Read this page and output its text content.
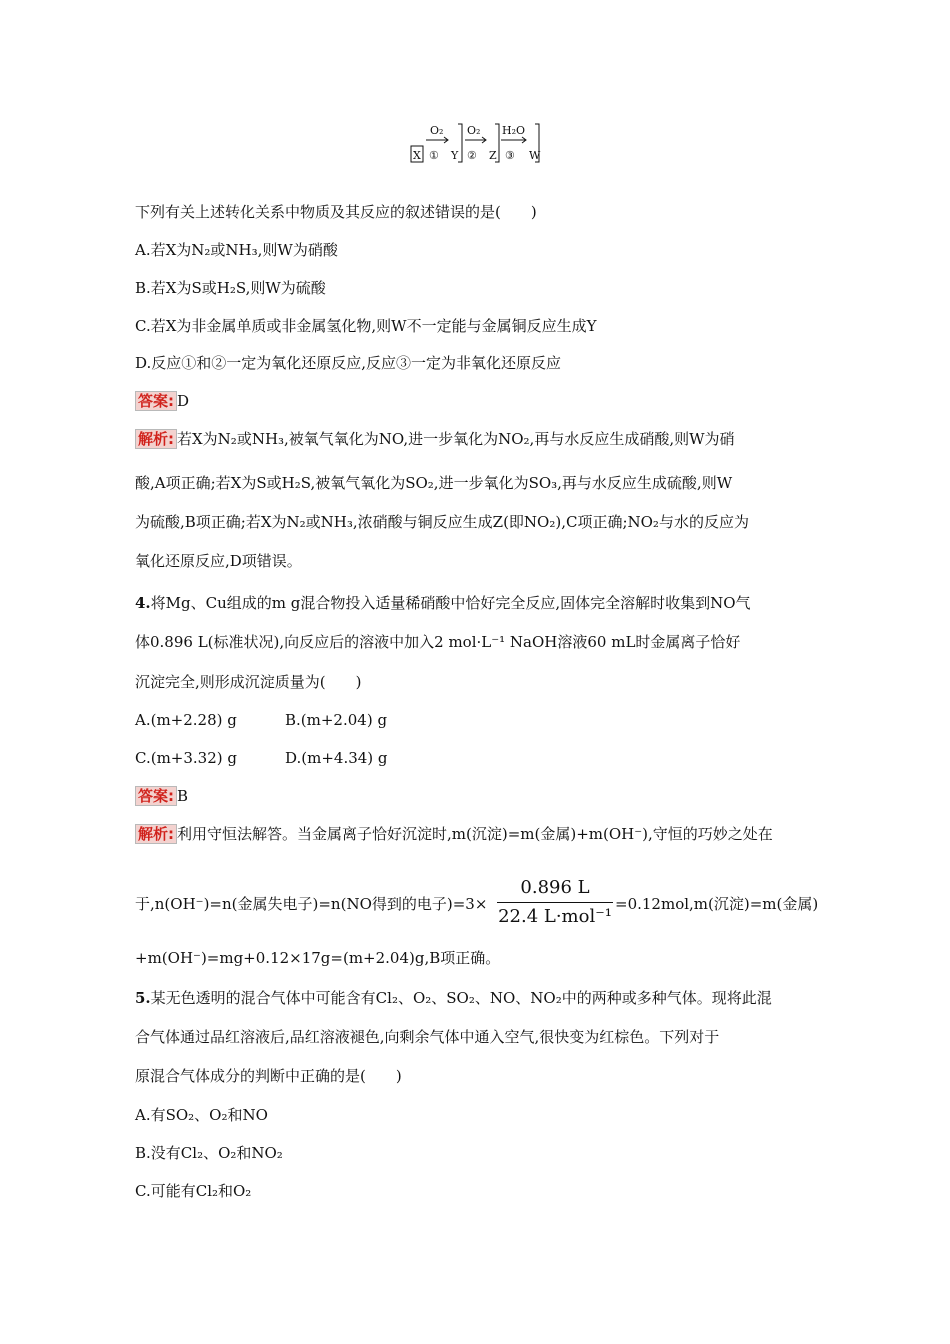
O₂ O₂ H₂O
①	②	③
X	Y	Z	W
下列有关上述转化关系中物质及其反应的叙述错误的是(　　)
A.若X为N₂或NH₃,则W为硝酸
B.若X为S或H₂S,则W为硫酸
C.若X为非金属单质或非金属氢化物,则W不一定能与金属铜反应生成Y
D.反应①和②一定为氧化还原反应,反应③一定为非氧化还原反应
答案: D
解析: 若X为N₂或NH₃,被氧气氧化为NO,进一步氧化为NO₂,再与水反应生成硝酸,则W为硝
酸,A项正确;若X为S或H₂S,被氧气氧化为SO₂,进一步氧化为SO₃,再与水反应生成硫酸,则W
为硫酸,B项正确;若X为N₂或NH₃,浓硝酸与铜反应生成Z(即NO₂),C项正确;NO₂与水的反应为
氧化还原反应,D项错误。
4.将Mg、Cu组成的m g混合物投入适量稀硝酸中恰好完全反应,固体完全溶解时收集到NO气
体0.896 L(标准状况),向反应后的溶液中加入2 mol·L⁻¹ NaOH溶液60 mL时金属离子恰好
沉淀完全,则形成沉淀质量为(　　)
A.(m+2.28) g	B.(m+2.04) g
C.(m+3.32) g	D.(m+4.34) g
答案: B
解析: 利用守恒法解答。当金属离子恰好沉淀时,m(沉淀)=m(金属)+m(OH⁻),守恒的巧妙之处在
于,n(OH⁻)=n(金属失电子)=n(NO得到的电子)=3×
0.896 L
22.4 L·mol⁻¹
=0.12mol,m(沉淀)=m(金属)
+m(OH⁻)=mg+0.12×17g=(m+2.04)g,B项正确。
5.某无色透明的混合气体中可能含有Cl₂、O₂、SO₂、NO、NO₂中的两种或多种气体。现将此混
合气体通过品红溶液后,品红溶液褪色,向剩余气体中通入空气,很快变为红棕色。下列对于
原混合气体成分的判断中正确的是(　　)
A.有SO₂、O₂和NO
B.没有Cl₂、O₂和NO₂
C.可能有Cl₂和O₂
